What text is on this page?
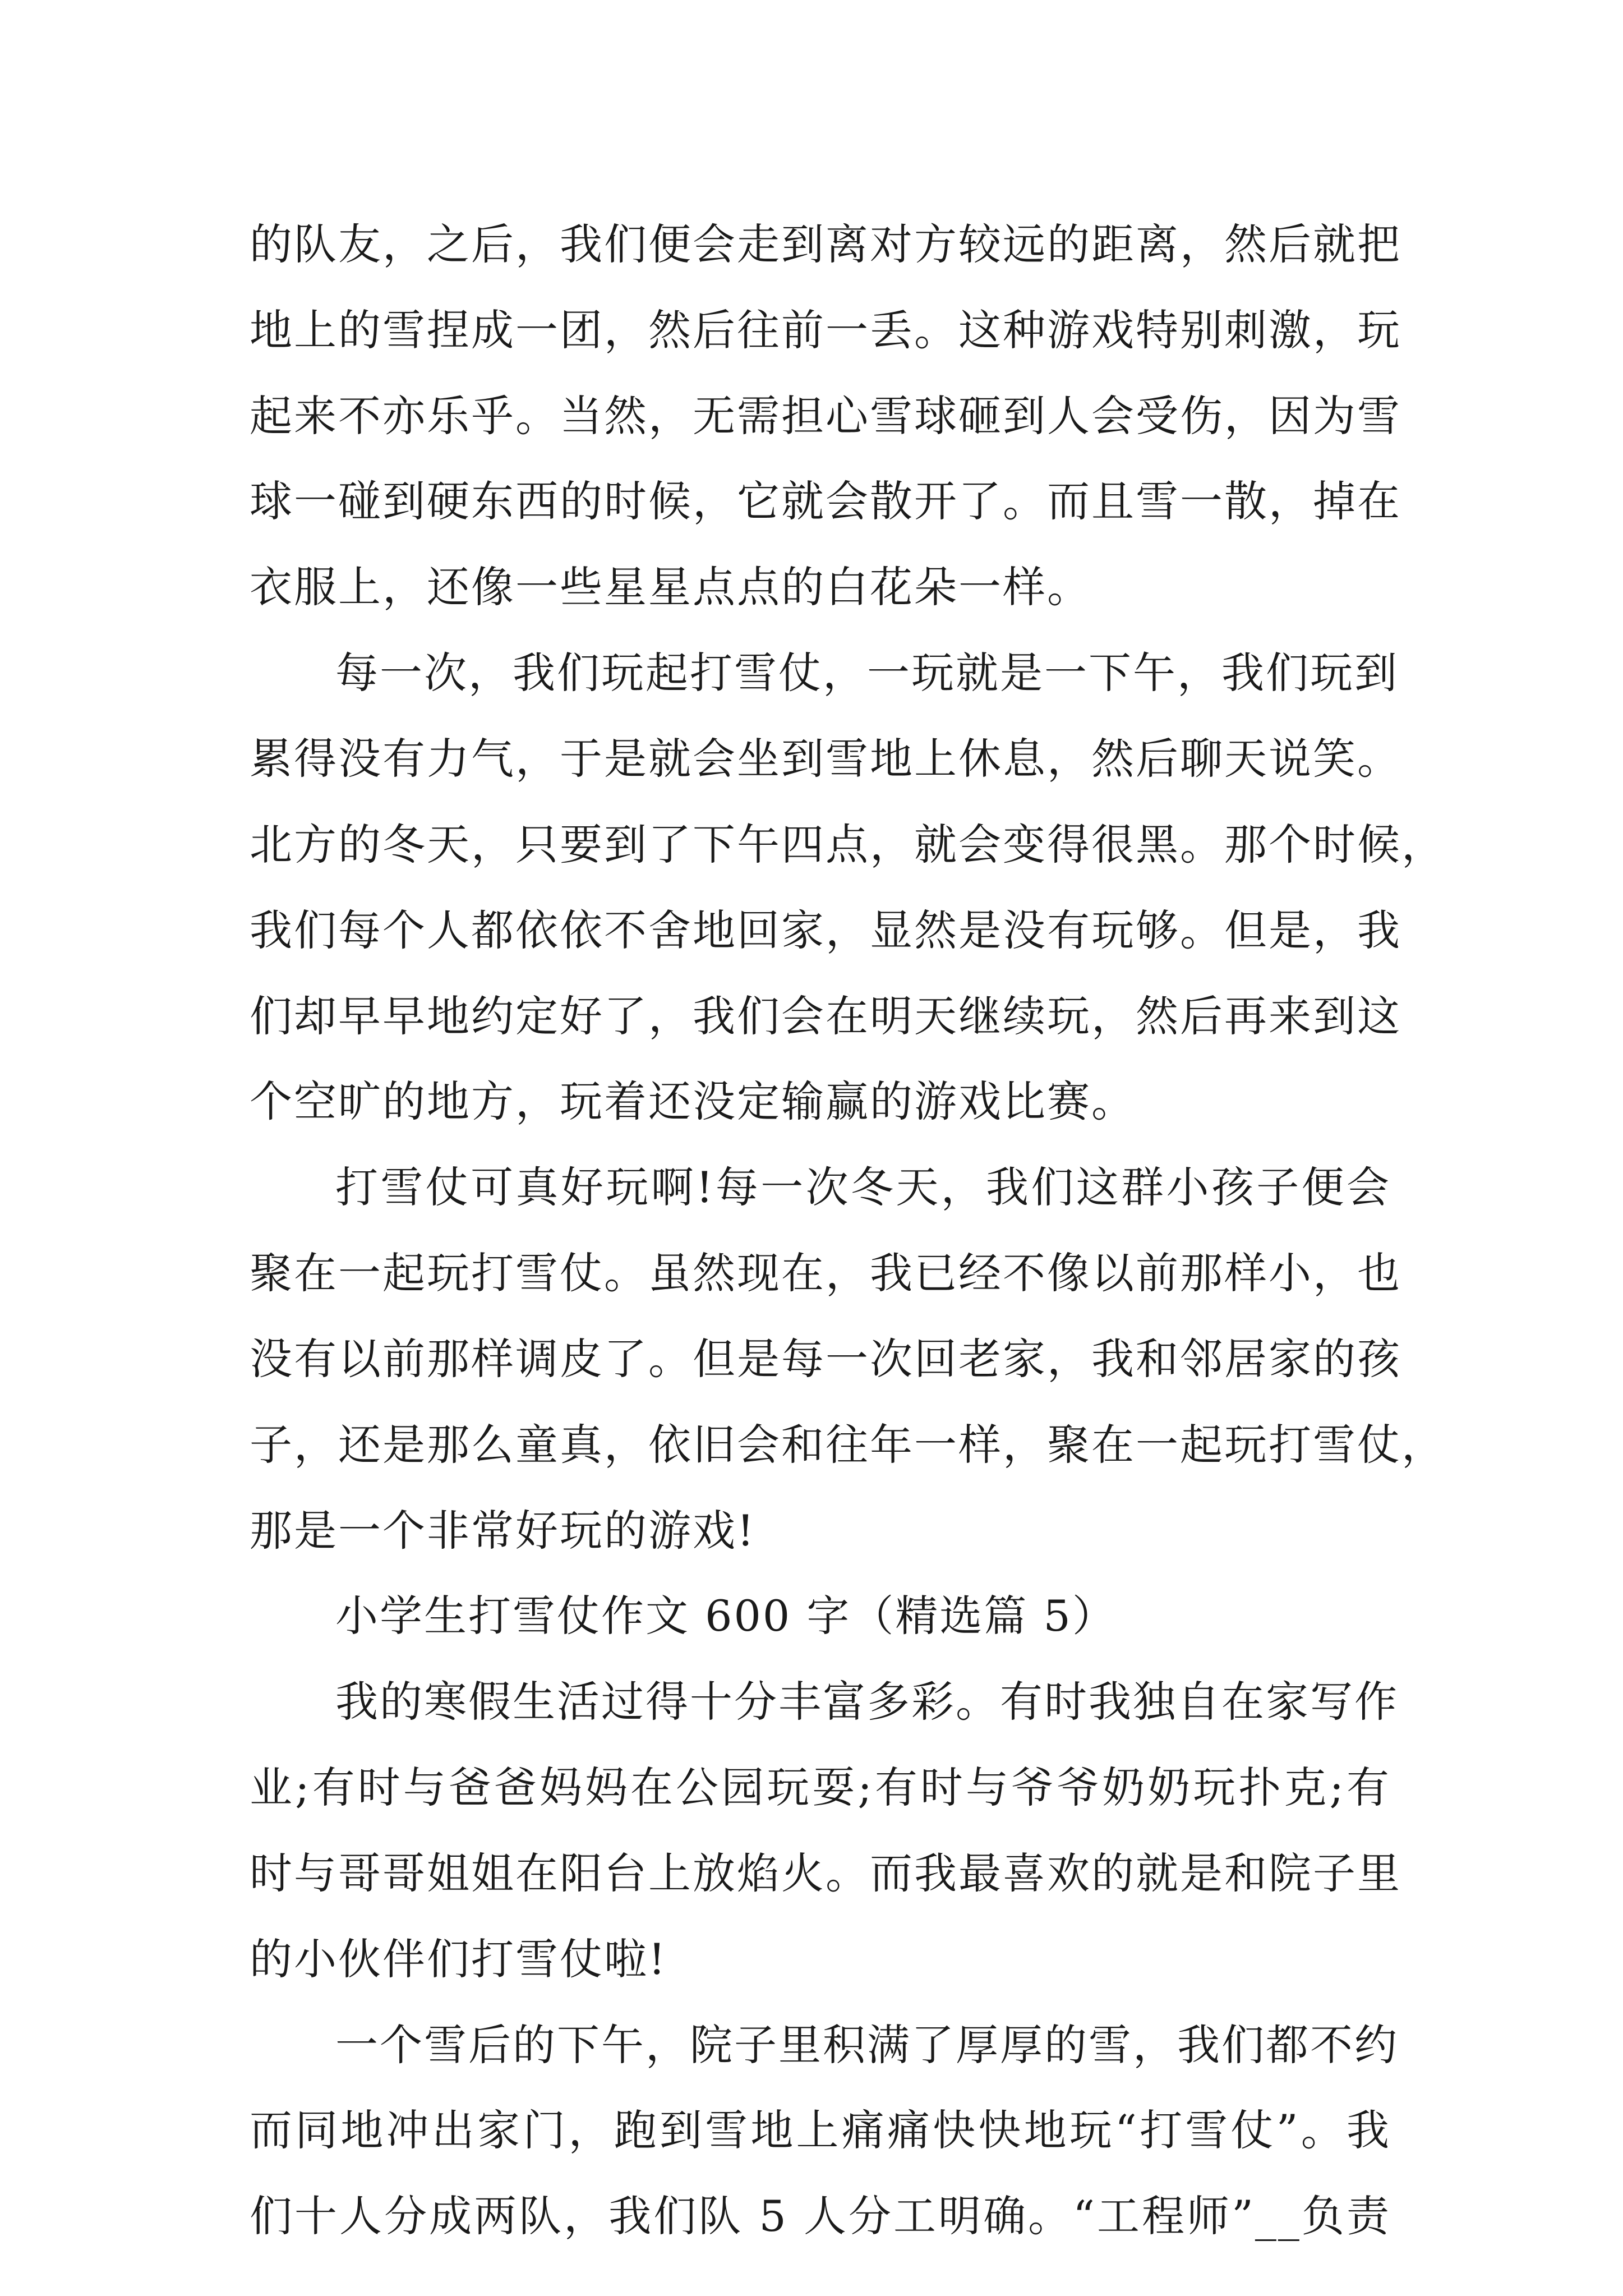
的队友，之后，我们便会走到离对方较远的距离，然后就把
地上的雪捏成一团，然后往前一丢。这种游戏特别刺激，玩
起来不亦乐乎。当然，无需担心雪球砸到人会受伤，因为雪
球一碰到硬东西的时候，它就会散开了。而且雪一散，掉在
衣服上，还像一些星星点点的白花朵一样。
每一次，我们玩起打雪仗，一玩就是一下午，我们玩到
累得没有力气，于是就会坐到雪地上休息，然后聊天说笑。
北方的冬天，只要到了下午四点，就会变得很黑。那个时候，
我们每个人都依依不舍地回家，显然是没有玩够。但是，我
们却早早地约定好了，我们会在明天继续玩，然后再来到这
个空旷的地方，玩着还没定输赢的游戏比赛。
打雪仗可真好玩啊!每一次冬天，我们这群小孩子便会
聚在一起玩打雪仗。虽然现在，我已经不像以前那样小，也
没有以前那样调皮了。但是每一次回老家，我和邻居家的孩
子，还是那么童真，依旧会和往年一样，聚在一起玩打雪仗，
那是一个非常好玩的游戏!
小学生打雪仗作文 600 字（精选篇 5）
我的寒假生活过得十分丰富多彩。有时我独自在家写作
业;有时与爸爸妈妈在公园玩耍;有时与爷爷奶奶玩扑克;有
时与哥哥姐姐在阳台上放焰火。而我最喜欢的就是和院子里
的小伙伴们打雪仗啦!
一个雪后的下午，院子里积满了厚厚的雪，我们都不约
而同地冲出家门，跑到雪地上痛痛快快地玩“打雪仗”。我
们十人分成两队，我们队 5 人分工明确。“工程师”__负责
